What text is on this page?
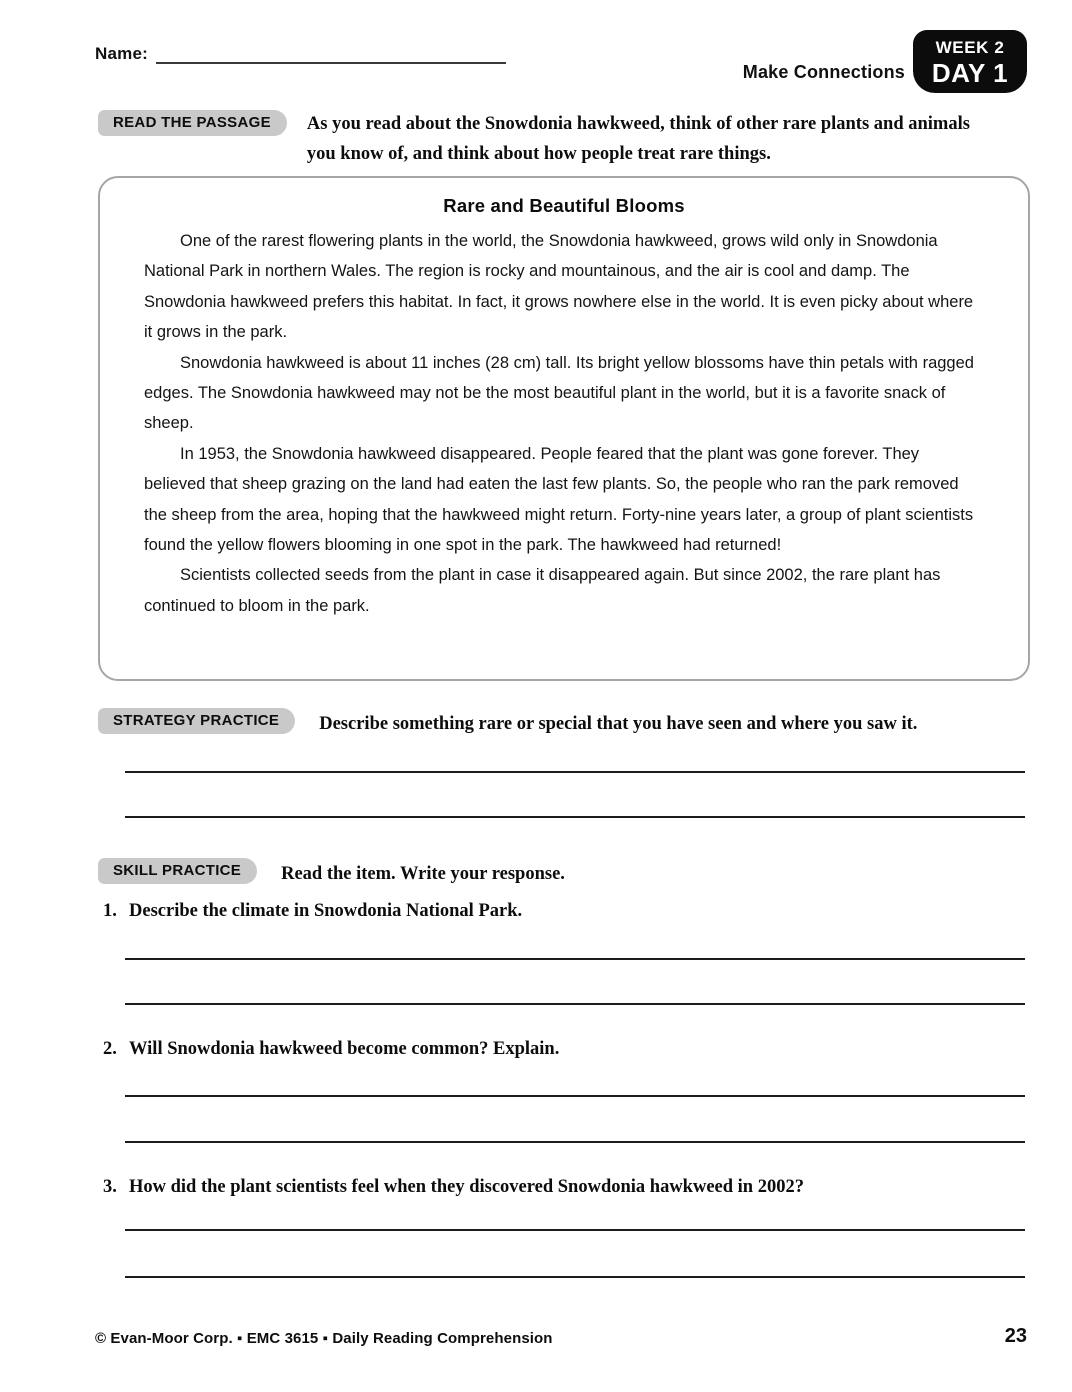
Name:
Make Connections
WEEK 2
DAY 1
READ THE PASSAGE	As you read about the Snowdonia hawkweed, think of other rare plants and animals you know of, and think about how people treat rare things.
Rare and Beautiful Blooms

One of the rarest flowering plants in the world, the Snowdonia hawkweed, grows wild only in Snowdonia National Park in northern Wales. The region is rocky and mountainous, and the air is cool and damp. The Snowdonia hawkweed prefers this habitat. In fact, it grows nowhere else in the world. It is even picky about where it grows in the park.

Snowdonia hawkweed is about 11 inches (28 cm) tall. Its bright yellow blossoms have thin petals with ragged edges. The Snowdonia hawkweed may not be the most beautiful plant in the world, but it is a favorite snack of sheep.

In 1953, the Snowdonia hawkweed disappeared. People feared that the plant was gone forever. They believed that sheep grazing on the land had eaten the last few plants. So, the people who ran the park removed the sheep from the area, hoping that the hawkweed might return. Forty-nine years later, a group of plant scientists found the yellow flowers blooming in one spot in the park. The hawkweed had returned!

Scientists collected seeds from the plant in case it disappeared again. But since 2002, the rare plant has continued to bloom in the park.

STRATEGY PRACTICE	Describe something rare or special that you have seen and where you saw it.
SKILL PRACTICE	Read the item. Write your response.
1. Describe the climate in Snowdonia National Park.
2. Will Snowdonia hawkweed become common? Explain.
3. How did the plant scientists feel when they discovered Snowdonia hawkweed in 2002?
© Evan-Moor Corp. ▪ EMC 3615 ▪ Daily Reading Comprehension	23
